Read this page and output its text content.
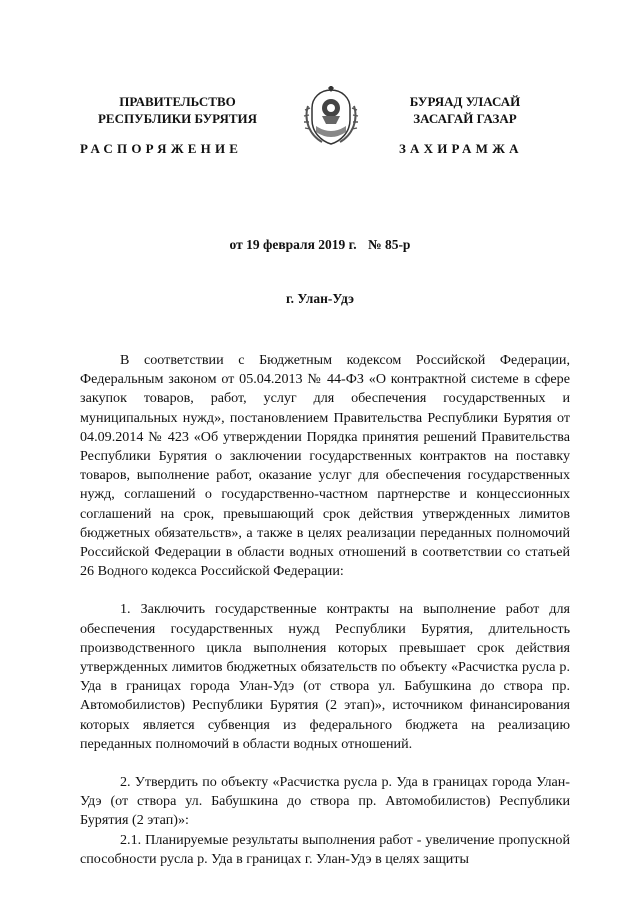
ПРАВИТЕЛЬСТВО
РЕСПУБЛИКИ БУРЯТИЯ
БУРЯАД УЛАСАЙ
ЗАСАГАЙ ГАЗАР
РАСПОРЯЖЕНИЕ	ЗАХИРАМЖА
от 19 февраля 2019 г. № 85-р
г. Улан-Удэ

В соответствии с Бюджетным кодексом Российской Федерации, Федеральным законом от 05.04.2013 № 44-ФЗ «О контрактной системе в сфере закупок товаров, работ, услуг для обеспечения государственных и муниципальных нужд», постановлением Правительства Республики Бурятия от 04.09.2014 № 423 «Об утверждении Порядка принятия решений Правительства Республики Бурятия о заключении государственных контрактов на поставку товаров, выполнение работ, оказание услуг для обеспечения государственных нужд, соглашений о государственно-частном партнерстве и концессионных соглашений на срок, превышающий срок действия утвержденных лимитов бюджетных обязательств», а также в целях реализации переданных полномочий Российской Федерации в области водных отношений в соответствии со статьей 26 Водного кодекса Российской Федерации:

1. Заключить государственные контракты на выполнение работ для обеспечения государственных нужд Республики Бурятия, длительность производственного цикла выполнения которых превышает срок действия утвержденных лимитов бюджетных обязательств по объекту «Расчистка русла р. Уда в границах города Улан-Удэ (от створа ул. Бабушкина до створа пр. Автомобилистов) Республики Бурятия (2 этап)», источником финансирования которых является субвенция из федерального бюджета на реализацию переданных полномочий в области водных отношений.

2. Утвердить по объекту «Расчистка русла р. Уда в границах города Улан-Удэ (от створа ул. Бабушкина до створа пр. Автомобилистов) Республики Бурятия (2 этап)»:

2.1. Планируемые результаты выполнения работ - увеличение пропускной способности русла р. Уда в границах г. Улан-Удэ в целях защиты
